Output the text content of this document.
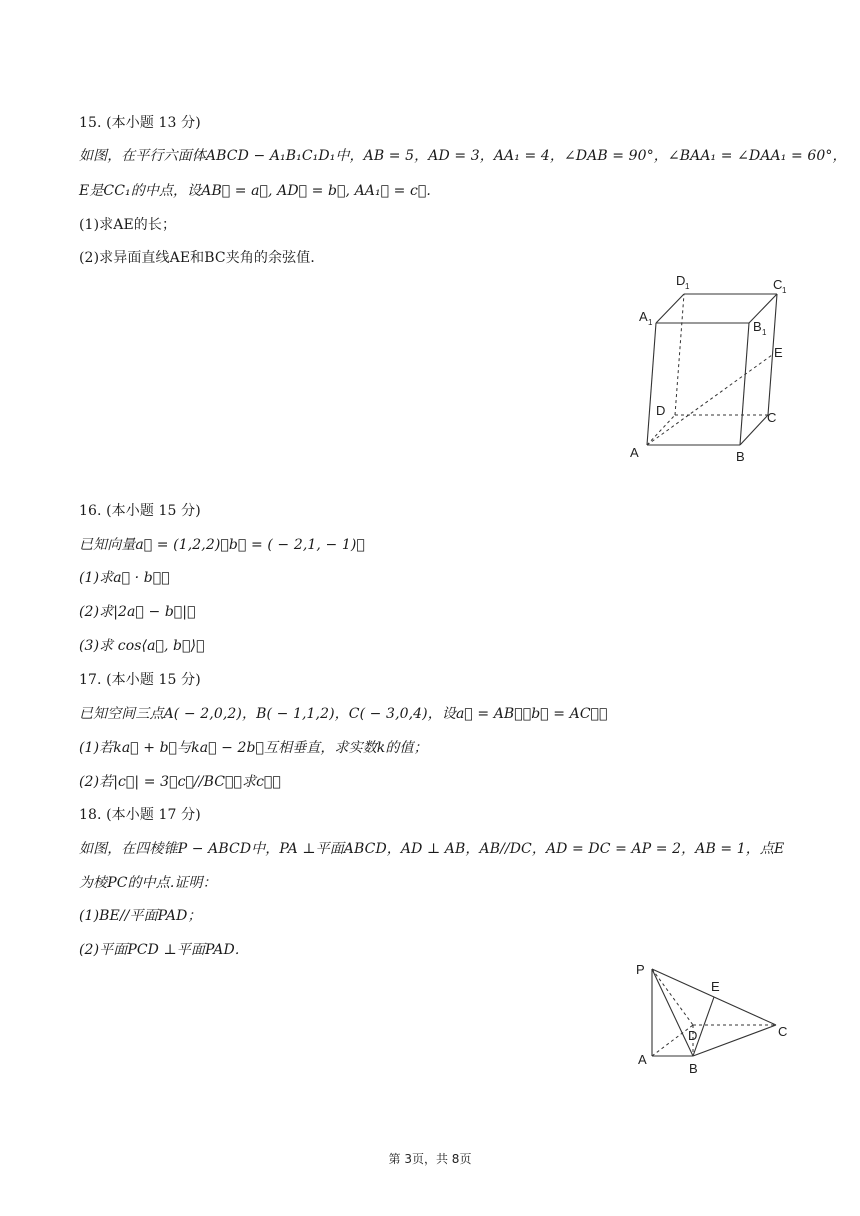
15. (本小题 13 分)
如图，在平行六面体ABCD − A₁B₁C₁D₁中，AB = 5，AD = 3，AA₁ = 4，∠DAB = 90°，∠BAA₁ = ∠DAA₁ = 60°，
E是CC₁的中点，设AB⃗ = a⃗, AD⃗ = b⃗, AA₁⃗ = c⃗.
(1)求AE的长；
(2)求异面直线AE和BC夹角的余弦值．
D 1	C 1
A 1	B 1
E
D	C
A	B
16. (本小题 15 分)
已知向量a⃗ = (1,2,2)，b⃗ = ( − 2,1, − 1)．
(1)求a⃗ · b⃗；
(2)求|2a⃗ − b⃗|；
(3)求 cos⟨a⃗, b⃗⟩．
17. (本小题 15 分)
已知空间三点A( − 2,0,2)，B( − 1,1,2)，C( − 3,0,4)，设a⃗ = AB⃗，b⃗ = AC⃗．
(1)若ka⃗ + b⃗与ka⃗ − 2b⃗互相垂直，求实数k的值；
(2)若|c⃗| = 3，c⃗//BC⃗，求c⃗．
18. (本小题 17 分)
如图，在四棱锥P − ABCD中，PA ⊥平面ABCD，AD ⊥ AB，AB//DC，AD = DC = AP = 2，AB = 1，点E
为棱PC的中点.证明：
(1)BE//平面PAD；
(2)平面PCD ⊥平面PAD．
P
E
D	C
A
B
第 3页，共 8页
